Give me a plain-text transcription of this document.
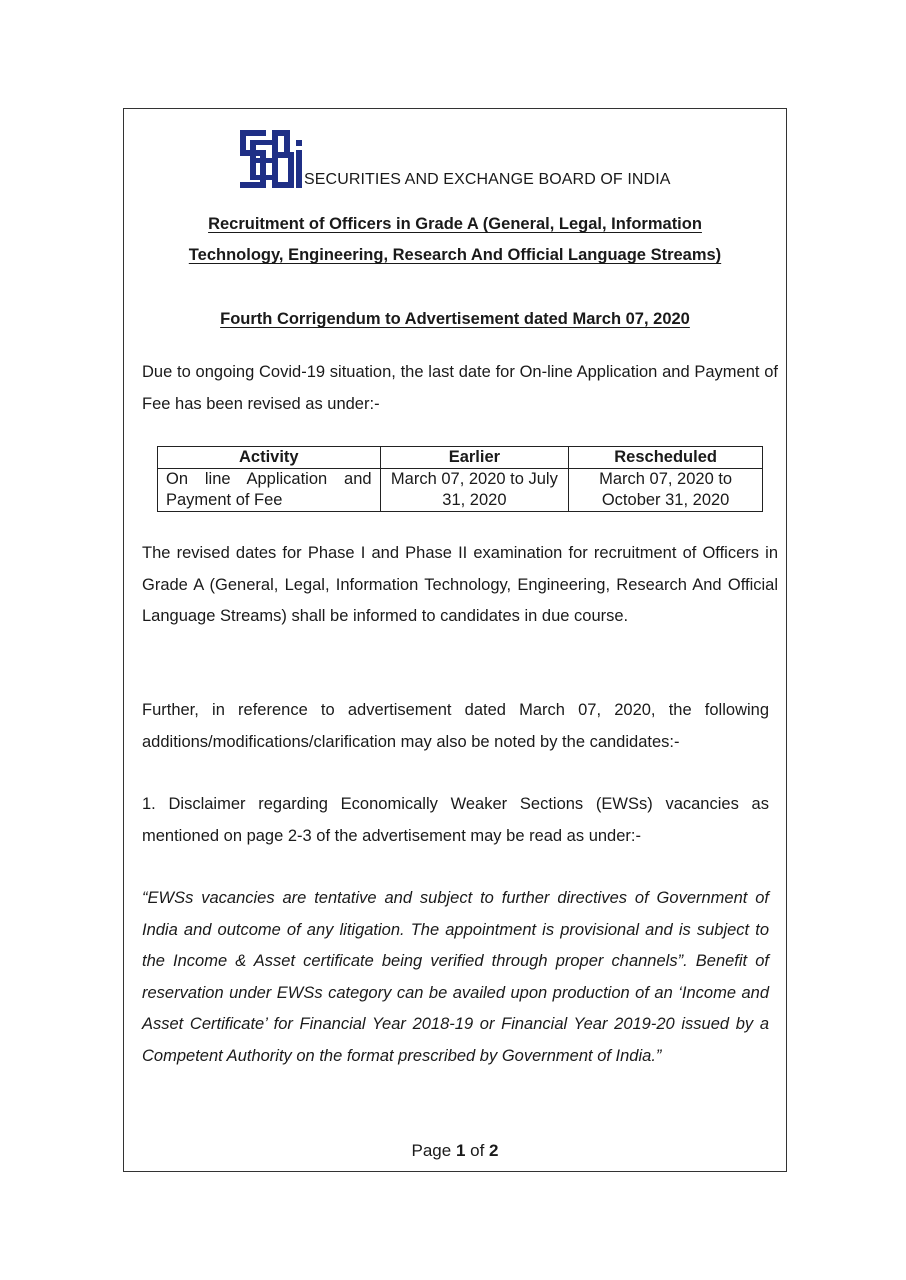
SECURITIES AND EXCHANGE BOARD OF INDIA
Recruitment of Officers in Grade A (General, Legal, Information
Technology, Engineering, Research And Official Language Streams)
Fourth Corrigendum to Advertisement dated March 07, 2020
Due to ongoing Covid-19 situation, the last date for On-line Application and Payment of Fee has been revised as under:-
Activity	Earlier	Rescheduled
On line Application and Payment of Fee	March 07, 2020 to July 31, 2020	March 07, 2020 to October 31, 2020
The revised dates for Phase I and Phase II examination for recruitment of Officers in Grade A (General, Legal, Information Technology, Engineering, Research And Official Language Streams) shall be informed to candidates in due course.
Further, in reference to advertisement dated March 07, 2020, the following additions/modifications/clarification may also be noted by the candidates:-
1. Disclaimer regarding Economically Weaker Sections (EWSs) vacancies as mentioned on page 2-3 of the advertisement may be read as under:-
“EWSs vacancies are tentative and subject to further directives of Government of India and outcome of any litigation. The appointment is provisional and is subject to the Income & Asset certificate being verified through proper channels”. Benefit of reservation under EWSs category can be availed upon production of an ‘Income and Asset Certificate’ for Financial Year 2018-19 or Financial Year 2019-20 issued by a Competent Authority on the format prescribed by Government of India.”
Page 1 of 2
